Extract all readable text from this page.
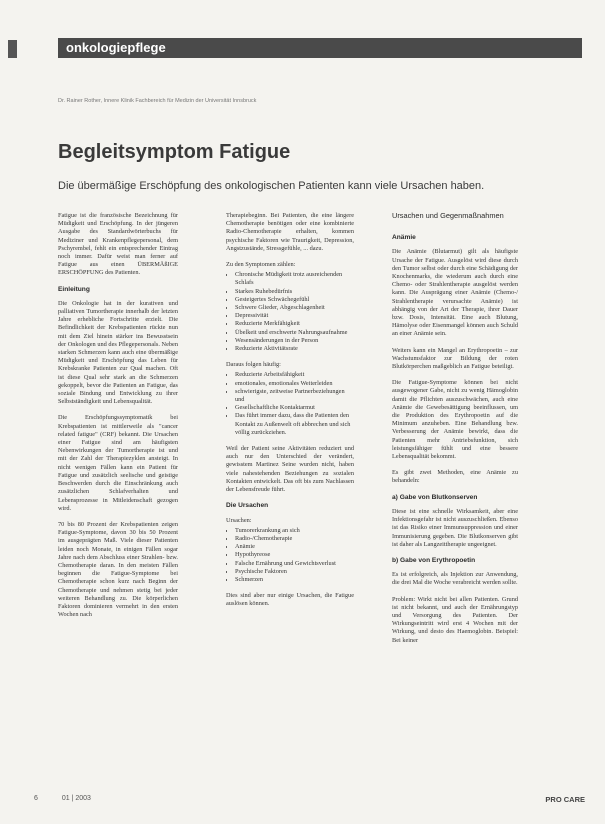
onkologiepflege
Dr. Rainer Rother, Innere Klinik Fachbereich für Medizin der Universität Innsbruck
Begleitsymptom Fatigue
Die übermäßige Erschöpfung des onkologischen Patienten kann viele Ursachen haben.

Fatigue ist die französische Bezeichnung für Müdigkeit und Erschöpfung. In der jüngeren Ausgabe des Standardwörterbuchs für Mediziner und Krankenpflegepersonal, dem Pschyrembel, fehlt ein entsprechender Eintrag noch immer. Dafür weist man ferner auf Fatigue aus einen ÜBERMÄßIGE ERSCHÖPFUNG des Patienten.

Einleitung

Die Onkologie hat in der kurativen und palliativen Tumortherapie innerhalb der letzten Jahre erhebliche Fortschritte erzielt. Die Befindlichkeit der Krebspatienten rückte nun mit dem Ziel hinein stärker ins Bewusstsein der Onkologen und des Pflegepersonals. Neben starken Schmerzen kann auch eine übermäßige Müdigkeit und Erschöpfung das Leben für Krebskranke Patienten zur Qual machen. Oft ist diese Qual sehr stark an die Schmerzen gekoppelt, bevor die Patienten an Fatigue, das soziale Bindung und Entwicklung zu ihrer Selbstständigkeit und Lebensqualität.

Die Erschöpfungssymptomatik bei Krebspatienten ist mittlerweile als "cancer related fatigue" (CRF) bekannt. Die Ursachen einer Fatigue sind am häufigsten Nebenwirkungen der Tumortherapie ist und mit der Zahl der Therapiezyklen ansteigt. In nicht wenigen Fällen kann ein Patient für Fatigue und zusätzlich seelische und geistige Beschwerden durch die Einschränkung auch zusätzlichen Schlafverhalten und Lebensprozesse in Mitleidenschaft gezogen wird.

70 bis 80 Prozent der Krebspatienten zeigen Fatigue-Symptome, davon 30 bis 50 Prozent im ausgeprägten Maß. Viele dieser Patienten leiden noch Monate, in einigen Fällen sogar Jahre nach dem Abschluss einer Strahlen- bzw. Chemotherapie daran. In den meisten Fällen beginnen die Fatigue-Symptome bei Chemotherapie schon kurz nach Beginn der Chemotherapie und nehmen stetig bei jeder weiteren Behandlung zu. Die körperlichen Faktoren dominieren vermehrt in den ersten Wochen nach

Therapiebeginn. Bei Patienten, die eine längere Chemotherapie benötigen oder eine kombinierte Radio-Chemotherapie erhalten, kommen psychische Faktoren wie Traurigkeit, Depression, Angstzustände, Stressgefühle, ... dazu.

Zu den Symptomen zählen:

• Chronische Müdigkeit trotz ausreichenden Schlafs
• Starkes Ruhebedürfnis
• Gesteigertes Schwächegefühl
• Schwere Glieder, Abgeschlagenheit
• Depressivität
• Reduzierte Merkfähigkeit
• Übelkeit und erschwerte Nahrungsaufnahme
• Wesensänderungen in der Person
• Reduzierte Aktivitätsrate

Daraus folgen häufig:

• Reduzierte Arbeitsfähigkeit
• emotionales, emotionales Weiterleiden
• schwierigste, zeitweise Partnerbeziehungen und
• Gesellschaftliche Kontaktarmut
• Das führt immer dazu, dass die Patienten den Kontakt zu Außenwelt oft abbrechen und sich völlig zurückziehen.

Weil der Patient seine Aktivitäten reduziert und auch nur den Unterschied der verändert, gewisstem Martinez Seine wurden nicht, haben viele nahestehenden Beziehungen zu sozialen Kontakten entwickelt. Das oft bis zum Nachlassen der Lebensfreude führt.

Die Ursachen

Ursachen:

• Tumorerkrankung an sich
• Radio-/Chemotherapie
• Anämie
• Hypothyreose
• Falsche Ernährung und Gewichtsverlust
• Psychische Faktoren
• Schmerzen

Dies sind aber nur einige Ursachen, die Fatigue auslösen können.

Ursachen und Gegenmaßnahmen
Anämie

Die Anämie (Blutarmut) gilt als häufigste Ursache der Fatigue. Ausgelöst wird diese durch den Tumor selbst oder durch eine Schädigung der Knochenmarks, die wiederum auch durch eine Chemo- oder Strahlentherapie ausgelöst werden kann. Die Ausprägung einer Anämie (Chemo-/ Strahlentherapie verursachte Anämie) ist abhängig von der Art der Therapie, ihrer Dauer bzw. Dosis, Intensität. Eine auch Blutung, Hämolyse oder Eisenmangel können auch Schuld an einer Anämie sein.

Weiters kann ein Mangel an Erythropoetin – zur Wachstumsfaktor zur Bildung der roten Blutkörperchen maßgeblich an Fatigue beteiligt.

Die Fatigue-Symptome können bei nicht ausgewogener Gabe, nicht zu wenig Hämoglobin damit die Pflichten auszuschwächen, auch eine Anämie die Gewebesättigung beeinflussen, um die Produktion des Erythropoetin auf die Minimum anzuheben. Eine Behandlung bzw. Verbesserung der Anämie bewirkt, dass die Patienten mehr Antriebsfunktion, sich leistungsfähiger fühlt und eine bessere Lebensqualität bekommt.

Es gibt zwei Methoden, eine Anämie zu behandeln:

a) Gabe von Blutkonserven

Diese ist eine schnelle Wirksamkeit, aber eine Infektionsgefahr ist nicht auszuschließen. Ebenso ist das Risiko einer Immunsuppression und einer Immunisierung gegeben. Die Blutkonserven gibt ist daher als Langzeittherapie ungeeignet.

b) Gabe von Erythropoetin

Es ist erfolgreich, als Injektion zur Anwendung, die drei Mal die Woche verabreicht werden sollte.

Problem: Wirkt nicht bei allen Patienten. Grund ist nicht bekannt, und auch der Ernährungstyp und Versorgung des Patienten. Der Wirkungseintritt wird erst 4 Wochen mit der Wirkung, und desto des Haemoglobin. Beispiel: Bei keiner

6	01 | 2003	PRO CARE
